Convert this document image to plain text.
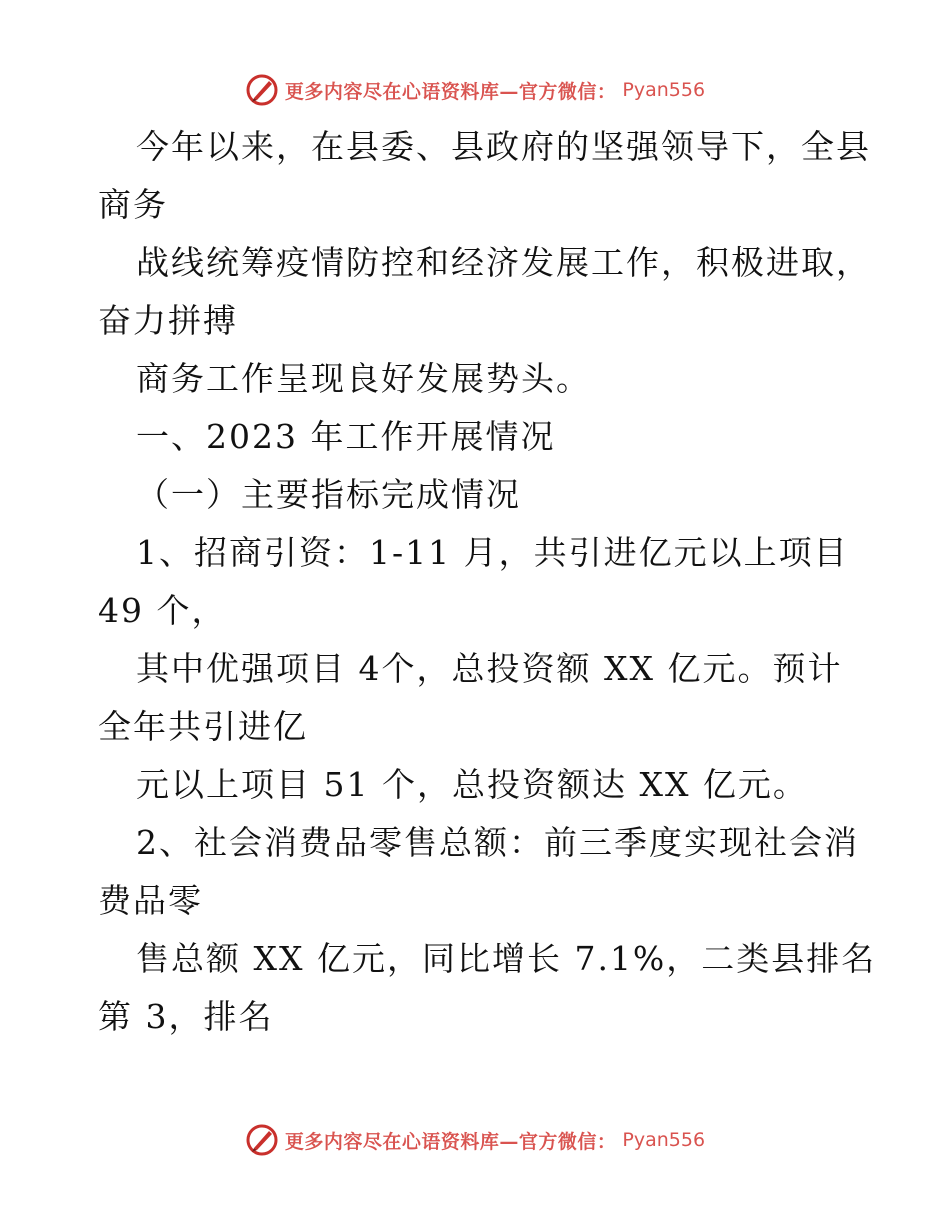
更多内容尽在心语资料库—官方微信： Pyan556
今年以来，在县委、县政府的坚强领导下，全县
商务
战线统筹疫情防控和经济发展工作，积极进取，
奋力拼搏
商务工作呈现良好发展势头。
一、2023 年工作开展情况
（一）主要指标完成情况
1、招商引资：1-11 月，共引进亿元以上项目
49 个，
其中优强项目 4个，总投资额 XX 亿元。预计
全年共引进亿
元以上项目 51 个，总投资额达 XX 亿元。
2、社会消费品零售总额：前三季度实现社会消
费品零
售总额 XX 亿元，同比增长 7.1%，二类县排名
第 3，排名
更多内容尽在心语资料库—官方微信： Pyan556
